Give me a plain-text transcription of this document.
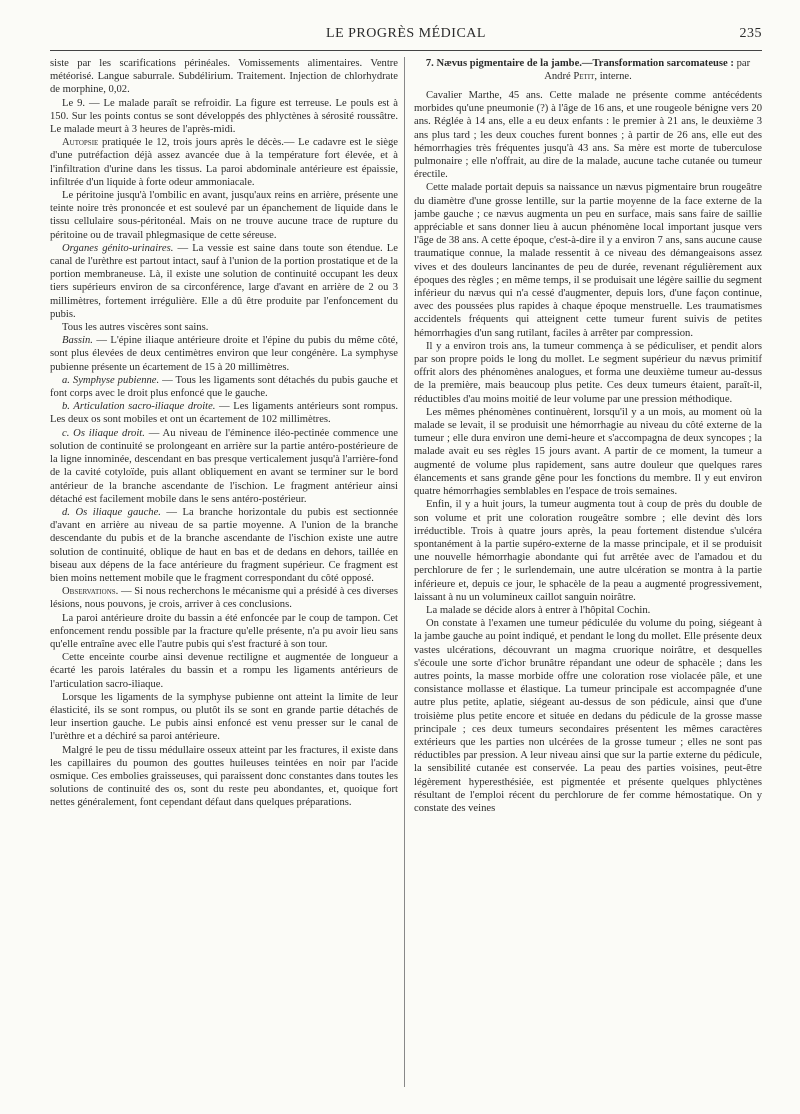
LE PROGRÈS MÉDICAL	235

siste par les scarifications périnéales. Vomissements alimentaires. Ventre météorisé. Langue saburrale. Subdélirium. Traitement. Injection de chlorhydrate de morphine, 0,02.

Le 9. — Le malade paraît se refroidir. La figure est terreuse. Le pouls est à 150. Sur les points contus se sont développés des phlyctènes à sérosité roussâtre. Le malade meurt à 3 heures de l'après-midi.

Autopsie pratiquée le 12, trois jours après le décès.— Le cadavre est le siège d'une putréfaction déjà assez avancée due à la température fort élevée, et à l'infiltration d'urine dans les tissus. La paroi abdominale antérieure est épaissie, infiltrée d'un liquide à forte odeur ammoniacale.

Le péritoine jusqu'à l'ombilic en avant, jusqu'aux reins en arrière, présente une teinte noire très prononcée et est soulevé par un épanchement de liquide dans le tissu cellulaire sous-péritonéal. Mais on ne trouve aucune trace de rupture du péritoine ou de travail phlegmasique de cette séreuse.

Organes génito-urinaires. — La vessie est saine dans toute son étendue. Le canal de l'urèthre est partout intact, sauf à l'union de la portion prostatique et de la portion membraneuse. Là, il existe une solution de continuité occupant les deux tiers supérieurs environ de sa circonférence, large d'avant en arrière de 2 ou 3 millimètres, fortement irrégulière. Elle a dû être produite par l'enfoncement du pubis.

Tous les autres viscères sont sains.

Bassin. — L'épine iliaque antérieure droite et l'épine du pubis du même côté, sont plus élevées de deux centimètres environ que leur congénère. La symphyse pubienne présente un écartement de 15 à 20 millimètres.

a. Symphyse pubienne. — Tous les ligaments sont détachés du pubis gauche et font corps avec le droit plus enfoncé que le gauche.

b. Articulation sacro-iliaque droite. — Les ligaments antérieurs sont rompus. Les deux os sont mobiles et ont un écartement de 102 millimètres.

c. Os iliaque droit. — Au niveau de l'éminence iléo-pectinée commence une solution de continuité se prolongeant en arrière sur la partie antéro-postérieure de la ligne innominée, descendant en bas presque verticalement jusqu'à l'arrière-fond de la cavité cotyloïde, puis allant obliquement en avant se terminer sur le bord antérieur de la branche ascendante de l'ischion. Le fragment antérieur ainsi détaché est facilement mobile dans le sens antéro-postérieur.

d. Os iliaque gauche. — La branche horizontale du pubis est sectionnée d'avant en arrière au niveau de sa partie moyenne. A l'union de la branche descendante du pubis et de la branche ascendante de l'ischion existe une autre solution de continuité, oblique de haut en bas et de dedans en dehors, taillée en biseau aux dépens de la face antérieure du fragment supérieur. Ce fragment est bien moins nettement mobile que le fragment correspondant du côté opposé.

Observations. — Si nous recherchons le mécanisme qui a présidé à ces diverses lésions, nous pouvons, je crois, arriver à ces conclusions.

La paroi antérieure droite du bassin a été enfoncée par le coup de tampon. Cet enfoncement rendu possible par la fracture qu'elle présente, n'a pu avoir lieu sans qu'elle entraîne avec elle l'autre pubis qui s'est fracturé à son tour.

Cette enceinte courbe ainsi devenue rectiligne et augmentée de longueur a écarté les parois latérales du bassin et a rompu les ligaments antérieurs de l'articulation sacro-iliaque.

Lorsque les ligaments de la symphyse pubienne ont atteint la limite de leur élasticité, ils se sont rompus, ou plutôt ils se sont en grande partie détachés de leur insertion gauche. Le pubis ainsi enfoncé est venu presser sur le canal de l'urèthre et a déchiré sa paroi antérieure.

Malgré le peu de tissu médullaire osseux atteint par les fractures, il existe dans les capillaires du poumon des gouttes huileuses teintées en noir par l'acide osmique. Ces embolies graisseuses, qui paraissent donc constantes dans toutes les solutions de continuité des os, sont du reste peu abondantes, et, quoique fort nettes généralement, font cependant défaut dans quelques préparations.

7. Nævus pigmentaire de la jambe.—Transformation sarcomateuse : par André Petit, interne.

Cavalier Marthe, 45 ans. Cette malade ne présente comme antécédents morbides qu'une pneumonie (?) à l'âge de 16 ans, et une rougeole bénigne vers 20 ans. Réglée à 14 ans, elle a eu deux enfants : le premier à 21 ans, le deuxième 3 ans plus tard ; les deux couches furent bonnes ; à partir de 26 ans, elle eut des hémorrhagies très fréquentes jusqu'à 43 ans. Sa mère est morte de tuberculose pulmonaire ; elle n'offrait, au dire de la malade, aucune tache cutanée ou tumeur érectile.

Cette malade portait depuis sa naissance un nævus pigmentaire brun rougeâtre du diamètre d'une grosse lentille, sur la partie moyenne de la face externe de la jambe gauche ; ce nævus augmenta un peu en surface, mais sans faire de saillie appréciable et sans donner lieu à aucun phénomène local important jusque vers l'âge de 38 ans. A cette époque, c'est-à-dire il y a environ 7 ans, sans aucune cause traumatique connue, la malade ressentit à ce niveau des démangeaisons assez vives et des douleurs lancinantes de peu de durée, revenant régulièrement aux époques des règles ; en même temps, il se produisait une légère saillie du segment inférieur du nævus qui n'a cessé d'augmenter, depuis lors, d'une façon continue, avec des poussées plus rapides à chaque époque menstruelle. Les traumatismes accidentels fréquents qui atteignent cette tumeur furent suivis de petites hémorrhagies d'un sang rutilant, faciles à arrêter par compression.

Il y a environ trois ans, la tumeur commença à se pédiculiser, et pendit alors par son propre poids le long du mollet. Le segment supérieur du nævus primitif offrit alors des phénomènes analogues, et forma une deuxième tumeur au-dessus de la première, mais beaucoup plus petite. Ces deux tumeurs étaient, paraît-il, réductibles d'au moins moitié de leur volume par une pression méthodique.

Les mêmes phénomènes continuèrent, lorsqu'il y a un mois, au moment où la malade se levait, il se produisit une hémorrhagie au niveau du côté externe de la tumeur ; elle dura environ une demi-heure et s'accompagna de deux syncopes ; la malade avait eu ses règles 15 jours avant. A partir de ce moment, la tumeur a augmenté de volume plus rapidement, sans autre douleur que quelques rares élancements et sans grande gêne pour les fonctions du membre. Il y eut environ quatre hémorrhagies semblables en l'espace de trois semaines.

Enfin, il y a huit jours, la tumeur augmenta tout à coup de près du double de son volume et prit une coloration rougeâtre sombre ; elle devint dès lors irréductible. Trois à quatre jours après, la peau fortement distendue s'ulcéra spontanément à la partie supéro-externe de la masse principale, et il se produisit une nouvelle hémorrhagie abondante qui fut arrêtée avec de l'amadou et du perchlorure de fer ; le surlendemain, une autre ulcération se montra à la partie inférieure et, depuis ce jour, le sphacèle de la peau a augmenté progressivement, laissant à nu un volumineux caillot sanguin noirâtre.

La malade se décide alors à entrer à l'hôpital Cochin.

On constate à l'examen une tumeur pédiculée du volume du poing, siégeant à la jambe gauche au point indiqué, et pendant le long du mollet. Elle présente deux vastes ulcérations, découvrant un magma cruorique noirâtre, et desquelles s'écoule une sorte d'ichor brunâtre répandant une odeur de sphacèle ; dans les autres points, la masse morbide offre une coloration rose violacée pâle, et une consistance mollasse et élastique. La tumeur principale est accompagnée d'une autre plus petite, aplatie, siégeant au-dessus de son pédicule, ainsi que d'une troisième plus petite encore et située en dedans du pédicule de la grosse masse principale ; ces deux tumeurs secondaires présentent les mêmes caractères extérieurs que les parties non ulcérées de la grosse tumeur ; elles ne sont pas réductibles par pression. A leur niveau ainsi que sur la partie externe du pédicule, la sensibilité cutanée est conservée. La peau des parties voisines, peut-être légèrement hyperesthésiée, est pigmentée et présente quelques phlyctènes résultant de l'emploi récent du perchlorure de fer comme hémostatique. On y constate des veines
